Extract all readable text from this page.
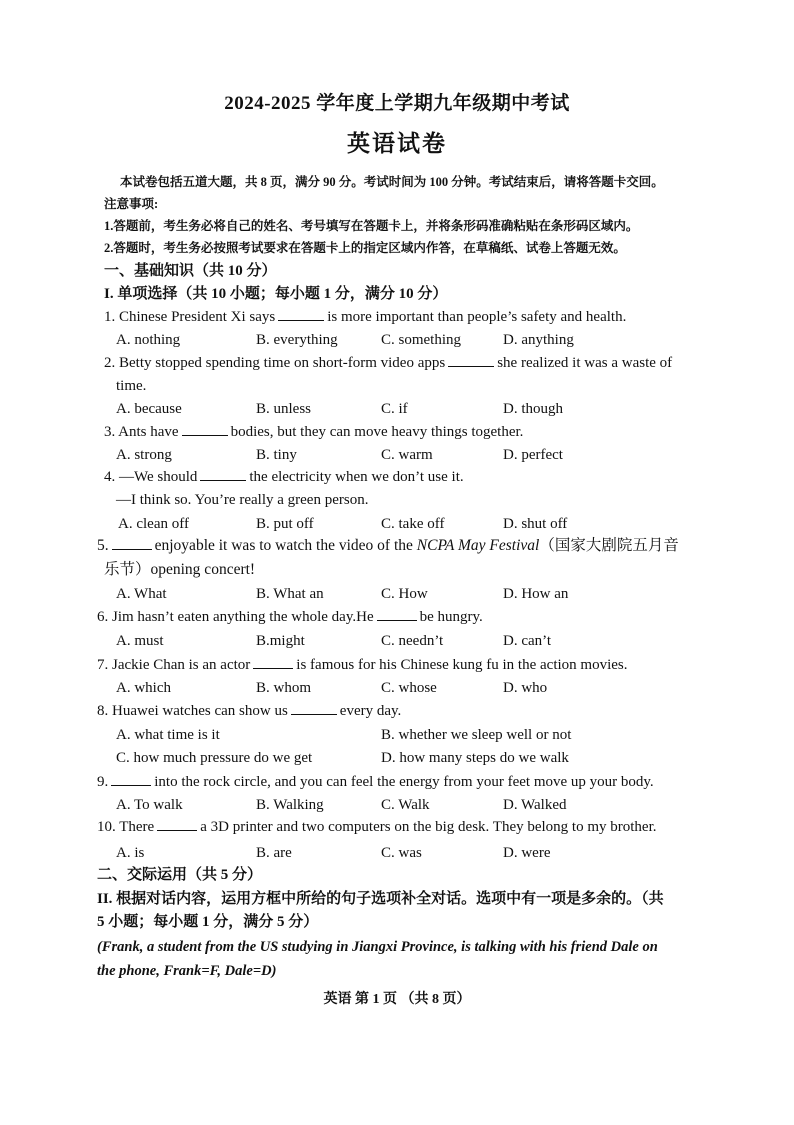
2024-2025 学年度上学期九年级期中考试
英语试卷
本试卷包括五道大题，共 8 页，满分 90 分。考试时间为 100 分钟。考试结束后，请将答题卡交回。
注意事项:
1.答题前，考生务必将自己的姓名、考号填写在答题卡上，并将条形码准确粘贴在条形码区域内。
2.答题时，考生务必按照考试要求在答题卡上的指定区域内作答，在草稿纸、试卷上答题无效。
一、基础知识（共 10 分）
I. 单项选择（共 10 小题；每小题 1 分，满分 10 分）
1. Chinese President Xi says	is more important than people’s safety and health.
A. nothing	B. everything	C. something	D. anything
2. Betty stopped spending time on short-form video apps	she realized it was a waste of
time.
A. because	B. unless	C. if	D. though
3. Ants have	bodies, but they can move heavy things together.
A. strong	B. tiny	C. warm	D. perfect
4. —We should	the electricity when we don’t use it.
—I think so. You’re really a green person.
A. clean off	B. put off	C. take off	D. shut off
5.	enjoyable it was to watch the video of the NCPA May Festival（国家大剧院五月音
乐节）opening concert!
A. What	B. What an	C. How	D. How an
6. Jim hasn’t eaten anything the whole day.He	be hungry.
A. must	B.might	C. needn’t	D. can’t
7. Jackie Chan is an actor	is famous for his Chinese kung fu in the action movies.
A. which	B. whom	C. whose	D. who
8. Huawei watches can show us	every day.
A. what time is it	B. whether we sleep well or not
C. how much pressure do we get	D. how many steps do we walk
9.	into the rock circle, and you can feel the energy from your feet move up your body.
A. To walk	B. Walking	C. Walk	D. Walked
10. There	a 3D printer and two computers on the big desk. They belong to my brother.
A. is	B. are	C. was	D. were
二、交际运用（共 5 分）
II. 根据对话内容，运用方框中所给的句子选项补全对话。选项中有一项是多余的。（共
5 小题；每小题 1 分，满分 5 分）
(Frank, a student from the US studying in Jiangxi Province, is talking with his friend Dale on
the phone, Frank=F, Dale=D)
英语 第 1 页 （共 8 页）
